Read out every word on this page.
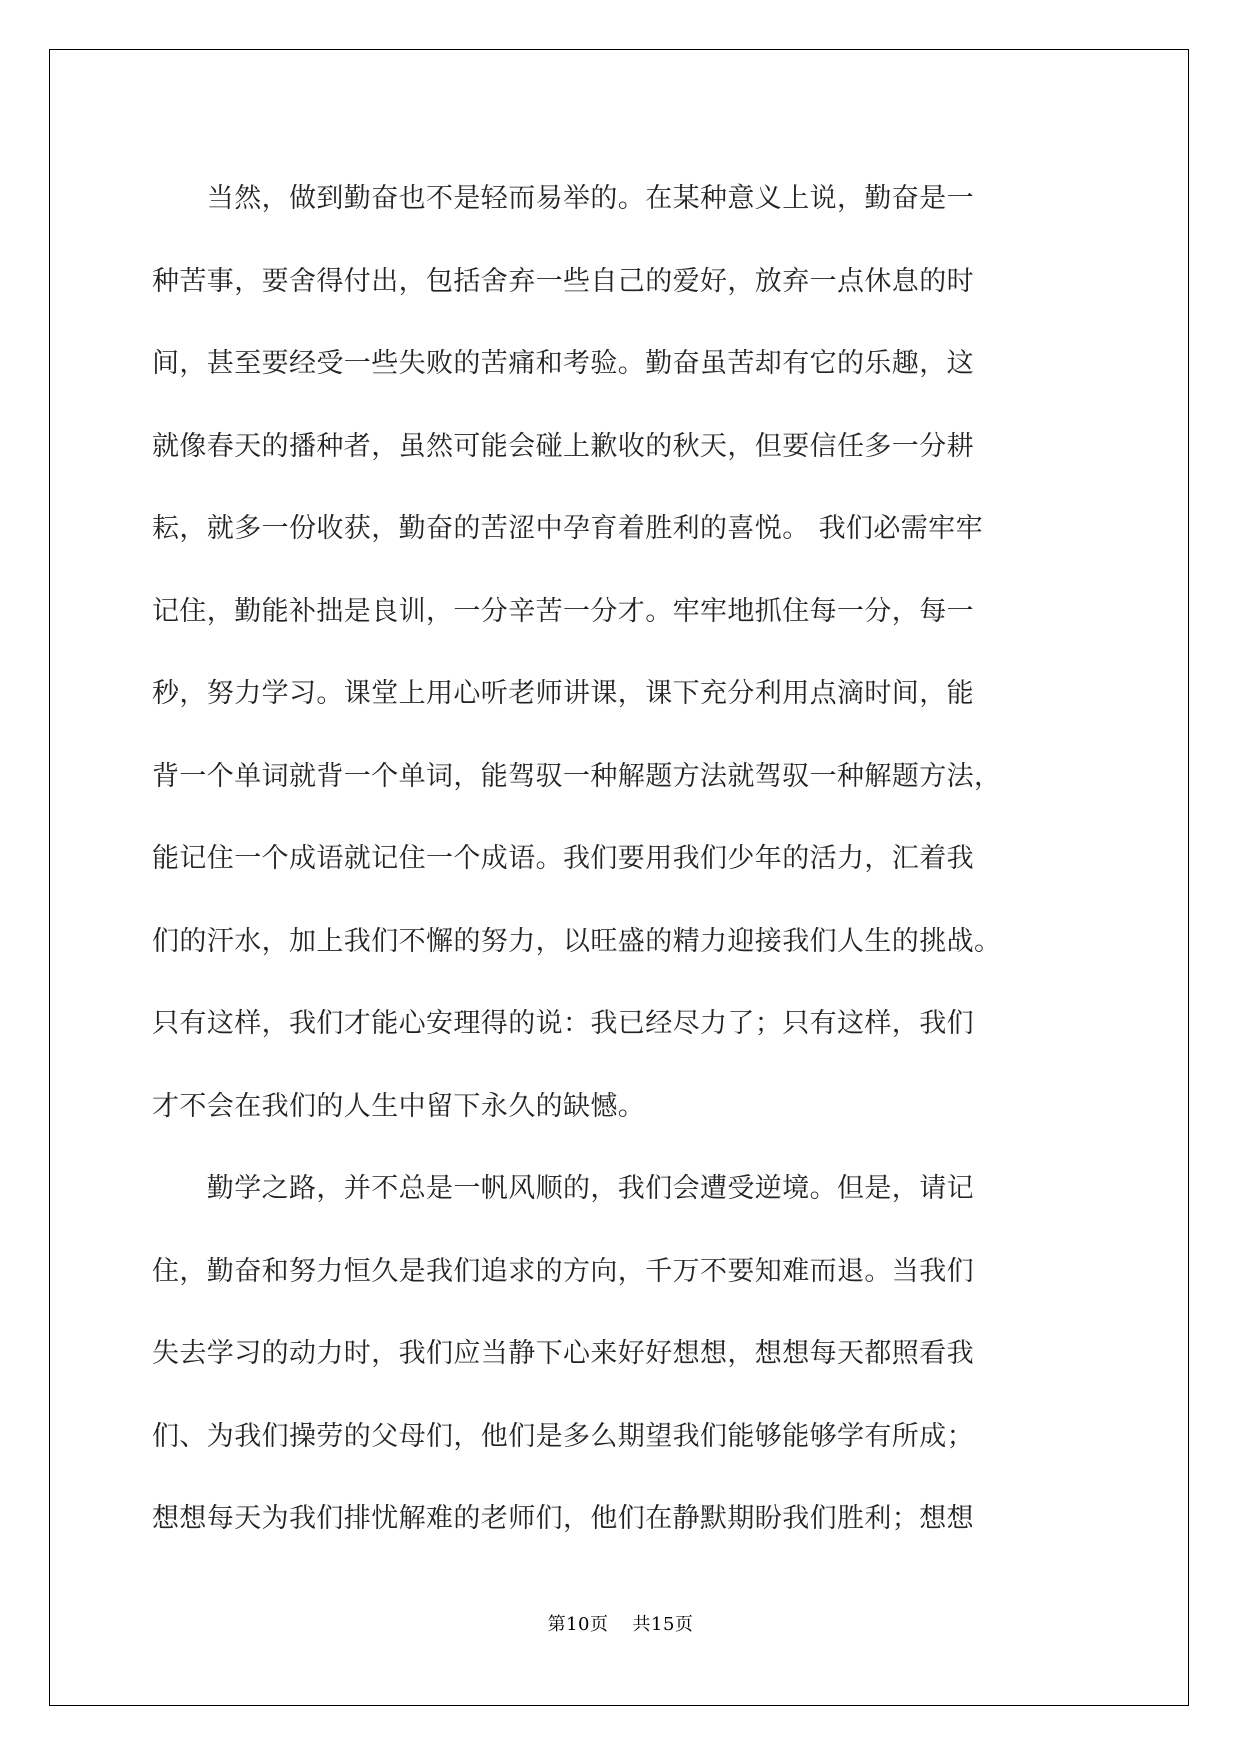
　　当然，做到勤奋也不是轻而易举的。在某种意义上说，勤奋是一
种苦事，要舍得付出，包括舍弃一些自己的爱好，放弃一点休息的时
间，甚至要经受一些失败的苦痛和考验。勤奋虽苦却有它的乐趣，这
就像春天的播种者，虽然可能会碰上歉收的秋天，但要信任多一分耕
耘，就多一份收获，勤奋的苦涩中孕育着胜利的喜悦。 我们必需牢牢
记住，勤能补拙是良训，一分辛苦一分才。牢牢地抓住每一分，每一
秒，努力学习。课堂上用心听老师讲课，课下充分利用点滴时间，能
背一个单词就背一个单词，能驾驭一种解题方法就驾驭一种解题方法，
能记住一个成语就记住一个成语。我们要用我们少年的活力，汇着我
们的汗水，加上我们不懈的努力，以旺盛的精力迎接我们人生的挑战。
只有这样，我们才能心安理得的说：我已经尽力了；只有这样，我们
才不会在我们的人生中留下永久的缺憾。
　　勤学之路，并不总是一帆风顺的，我们会遭受逆境。但是，请记
住，勤奋和努力恒久是我们追求的方向，千万不要知难而退。当我们
失去学习的动力时，我们应当静下心来好好想想，想想每天都照看我
们、为我们操劳的父母们，他们是多么期望我们能够能够学有所成；
想想每天为我们排忧解难的老师们，他们在静默期盼我们胜利；想想
第10页 共15页
